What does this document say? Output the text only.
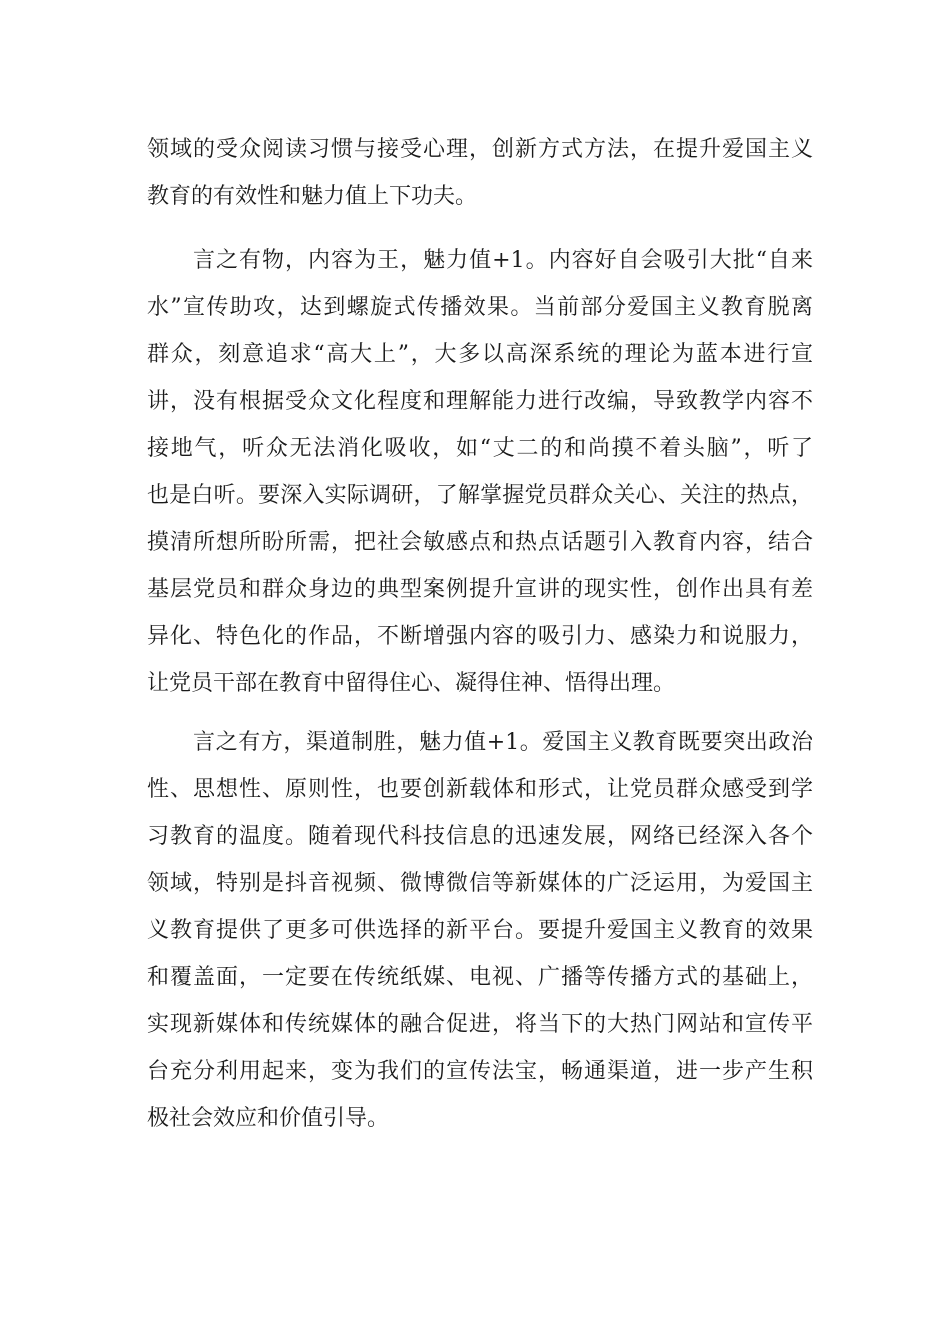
领域的受众阅读习惯与接受心理，创新方式方法，在提升爱国主义
教育的有效性和魅力值上下功夫。
言之有物，内容为王，魅力值+1。内容好自会吸引大批“自来
水”宣传助攻，达到螺旋式传播效果。当前部分爱国主义教育脱离
群众，刻意追求“高大上”，大多以高深系统的理论为蓝本进行宣
讲，没有根据受众文化程度和理解能力进行改编，导致教学内容不
接地气，听众无法消化吸收，如“丈二的和尚摸不着头脑”，听了
也是白听。要深入实际调研，了解掌握党员群众关心、关注的热点，
摸清所想所盼所需，把社会敏感点和热点话题引入教育内容，结合
基层党员和群众身边的典型案例提升宣讲的现实性，创作出具有差
异化、特色化的作品，不断增强内容的吸引力、感染力和说服力，
让党员干部在教育中留得住心、凝得住神、悟得出理。
言之有方，渠道制胜，魅力值+1。爱国主义教育既要突出政治
性、思想性、原则性，也要创新载体和形式，让党员群众感受到学
习教育的温度。随着现代科技信息的迅速发展，网络已经深入各个
领域，特别是抖音视频、微博微信等新媒体的广泛运用，为爱国主
义教育提供了更多可供选择的新平台。要提升爱国主义教育的效果
和覆盖面，一定要在传统纸媒、电视、广播等传播方式的基础上，
实现新媒体和传统媒体的融合促进，将当下的大热门网站和宣传平
台充分利用起来，变为我们的宣传法宝，畅通渠道，进一步产生积
极社会效应和价值引导。
